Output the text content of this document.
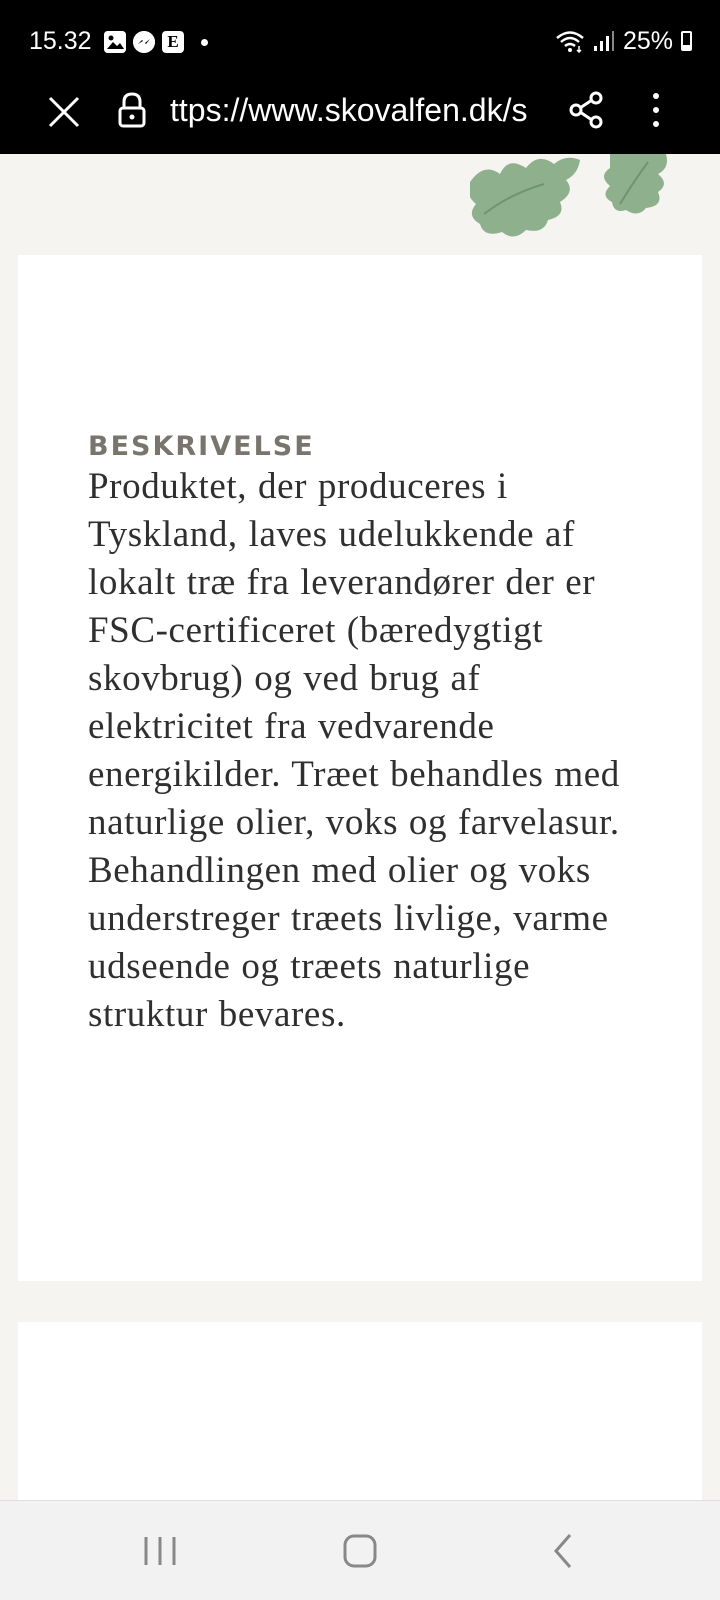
15.32	E	25%
ttps://www.skovalfen.dk/s
BESKRIVELSE
Produktet, der produceres i Tyskland, laves udelukkende af lokalt træ fra leverandører der er FSC-certificeret (bæredygtigt skovbrug) og ved brug af elektricitet fra vedvarende energikilder. Træet behandles med naturlige olier, voks og farvelasur. Behandlingen med olier og voks understreger træets livlige, varme udseende og træets naturlige struktur bevares.
